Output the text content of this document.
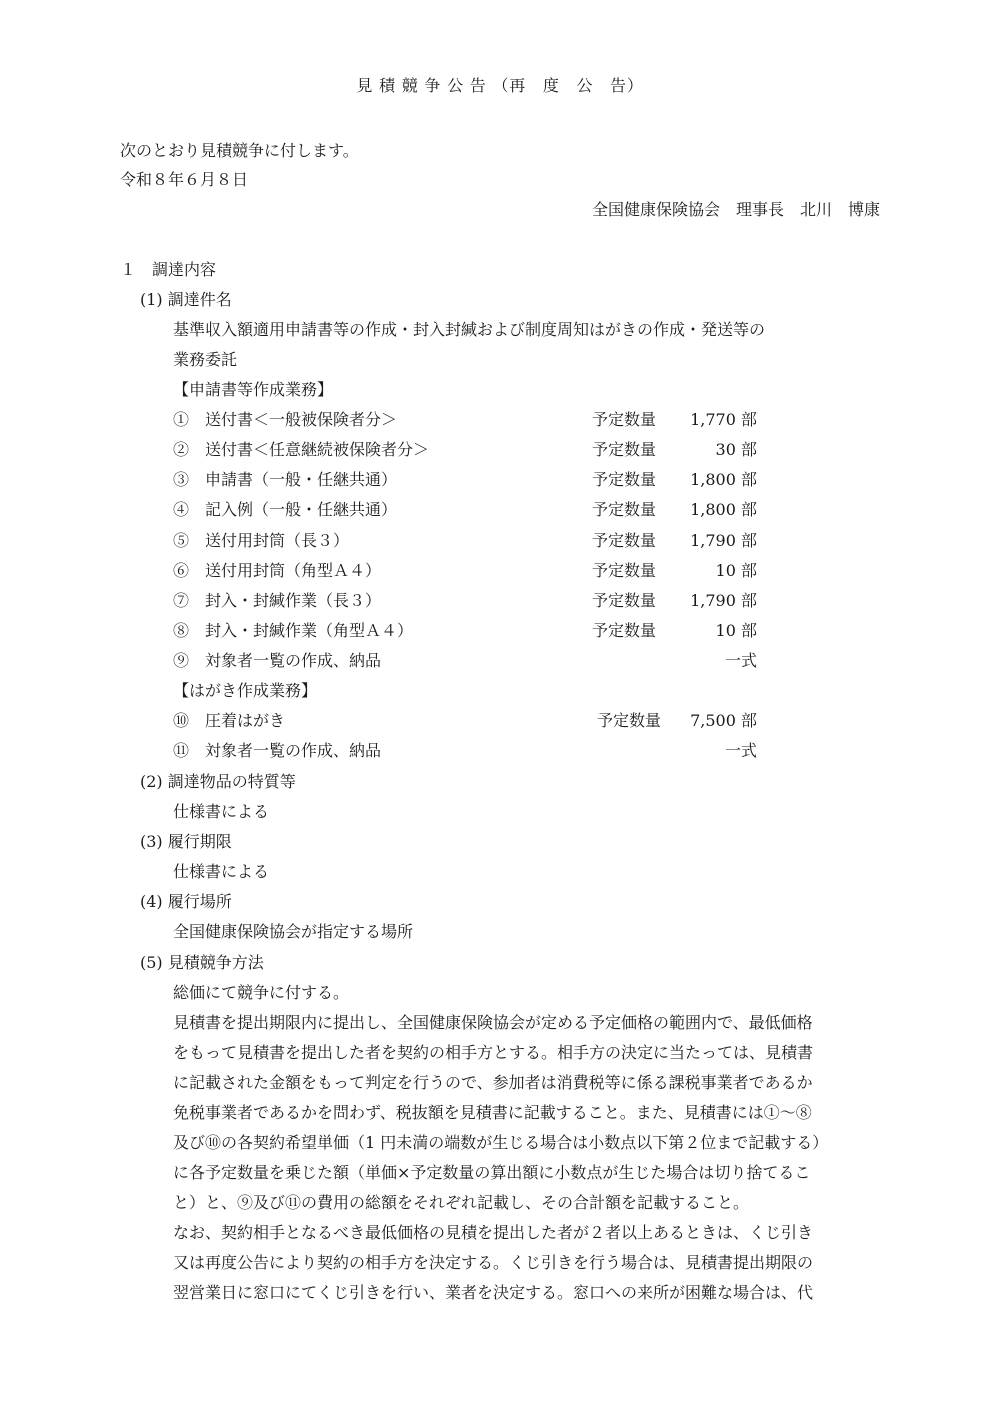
見 積 競 争 公 告 （再　度　公　告）
次のとおり見積競争に付します。
令和８年６月８日
全国健康保険協会　理事長　北川　博康
１　調達内容
(1) 調達件名
基準収入額適用申請書等の作成・封入封緘および制度周知はがきの作成・発送等の
業務委託
【申請書等作成業務】
①　送付書＜一般被保険者分＞	予定数量	1,770 部
②　送付書＜任意継続被保険者分＞	予定数量	30 部
③　申請書（一般・任継共通）	予定数量	1,800 部
④　記入例（一般・任継共通）	予定数量	1,800 部
⑤　送付用封筒（長３）	予定数量	1,790 部
⑥　送付用封筒（角型Ａ４）	予定数量	10 部
⑦　封入・封緘作業（長３）	予定数量	1,790 部
⑧　封入・封緘作業（角型Ａ４）	予定数量	10 部
⑨　対象者一覧の作成、納品	一式
【はがき作成業務】
⑩　圧着はがき	予定数量	7,500 部
⑪　対象者一覧の作成、納品	一式
(2) 調達物品の特質等
仕様書による
(3) 履行期限
仕様書による
(4) 履行場所
全国健康保険協会が指定する場所
(5) 見積競争方法
総価にて競争に付する。
見積書を提出期限内に提出し、全国健康保険協会が定める予定価格の範囲内で、最低価格
をもって見積書を提出した者を契約の相手方とする。相手方の決定に当たっては、見積書
に記載された金額をもって判定を行うので、参加者は消費税等に係る課税事業者であるか
免税事業者であるかを問わず、税抜額を見積書に記載すること。また、見積書には①～⑧
及び⑩の各契約希望単価（1 円未満の端数が生じる場合は小数点以下第２位まで記載する）
に各予定数量を乗じた額（単価×予定数量の算出額に小数点が生じた場合は切り捨てるこ
と）と、⑨及び⑪の費用の総額をそれぞれ記載し、その合計額を記載すること。
なお、契約相手となるべき最低価格の見積を提出した者が２者以上あるときは、くじ引き
又は再度公告により契約の相手方を決定する。くじ引きを行う場合は、見積書提出期限の
翌営業日に窓口にてくじ引きを行い、業者を決定する。窓口への来所が困難な場合は、代
